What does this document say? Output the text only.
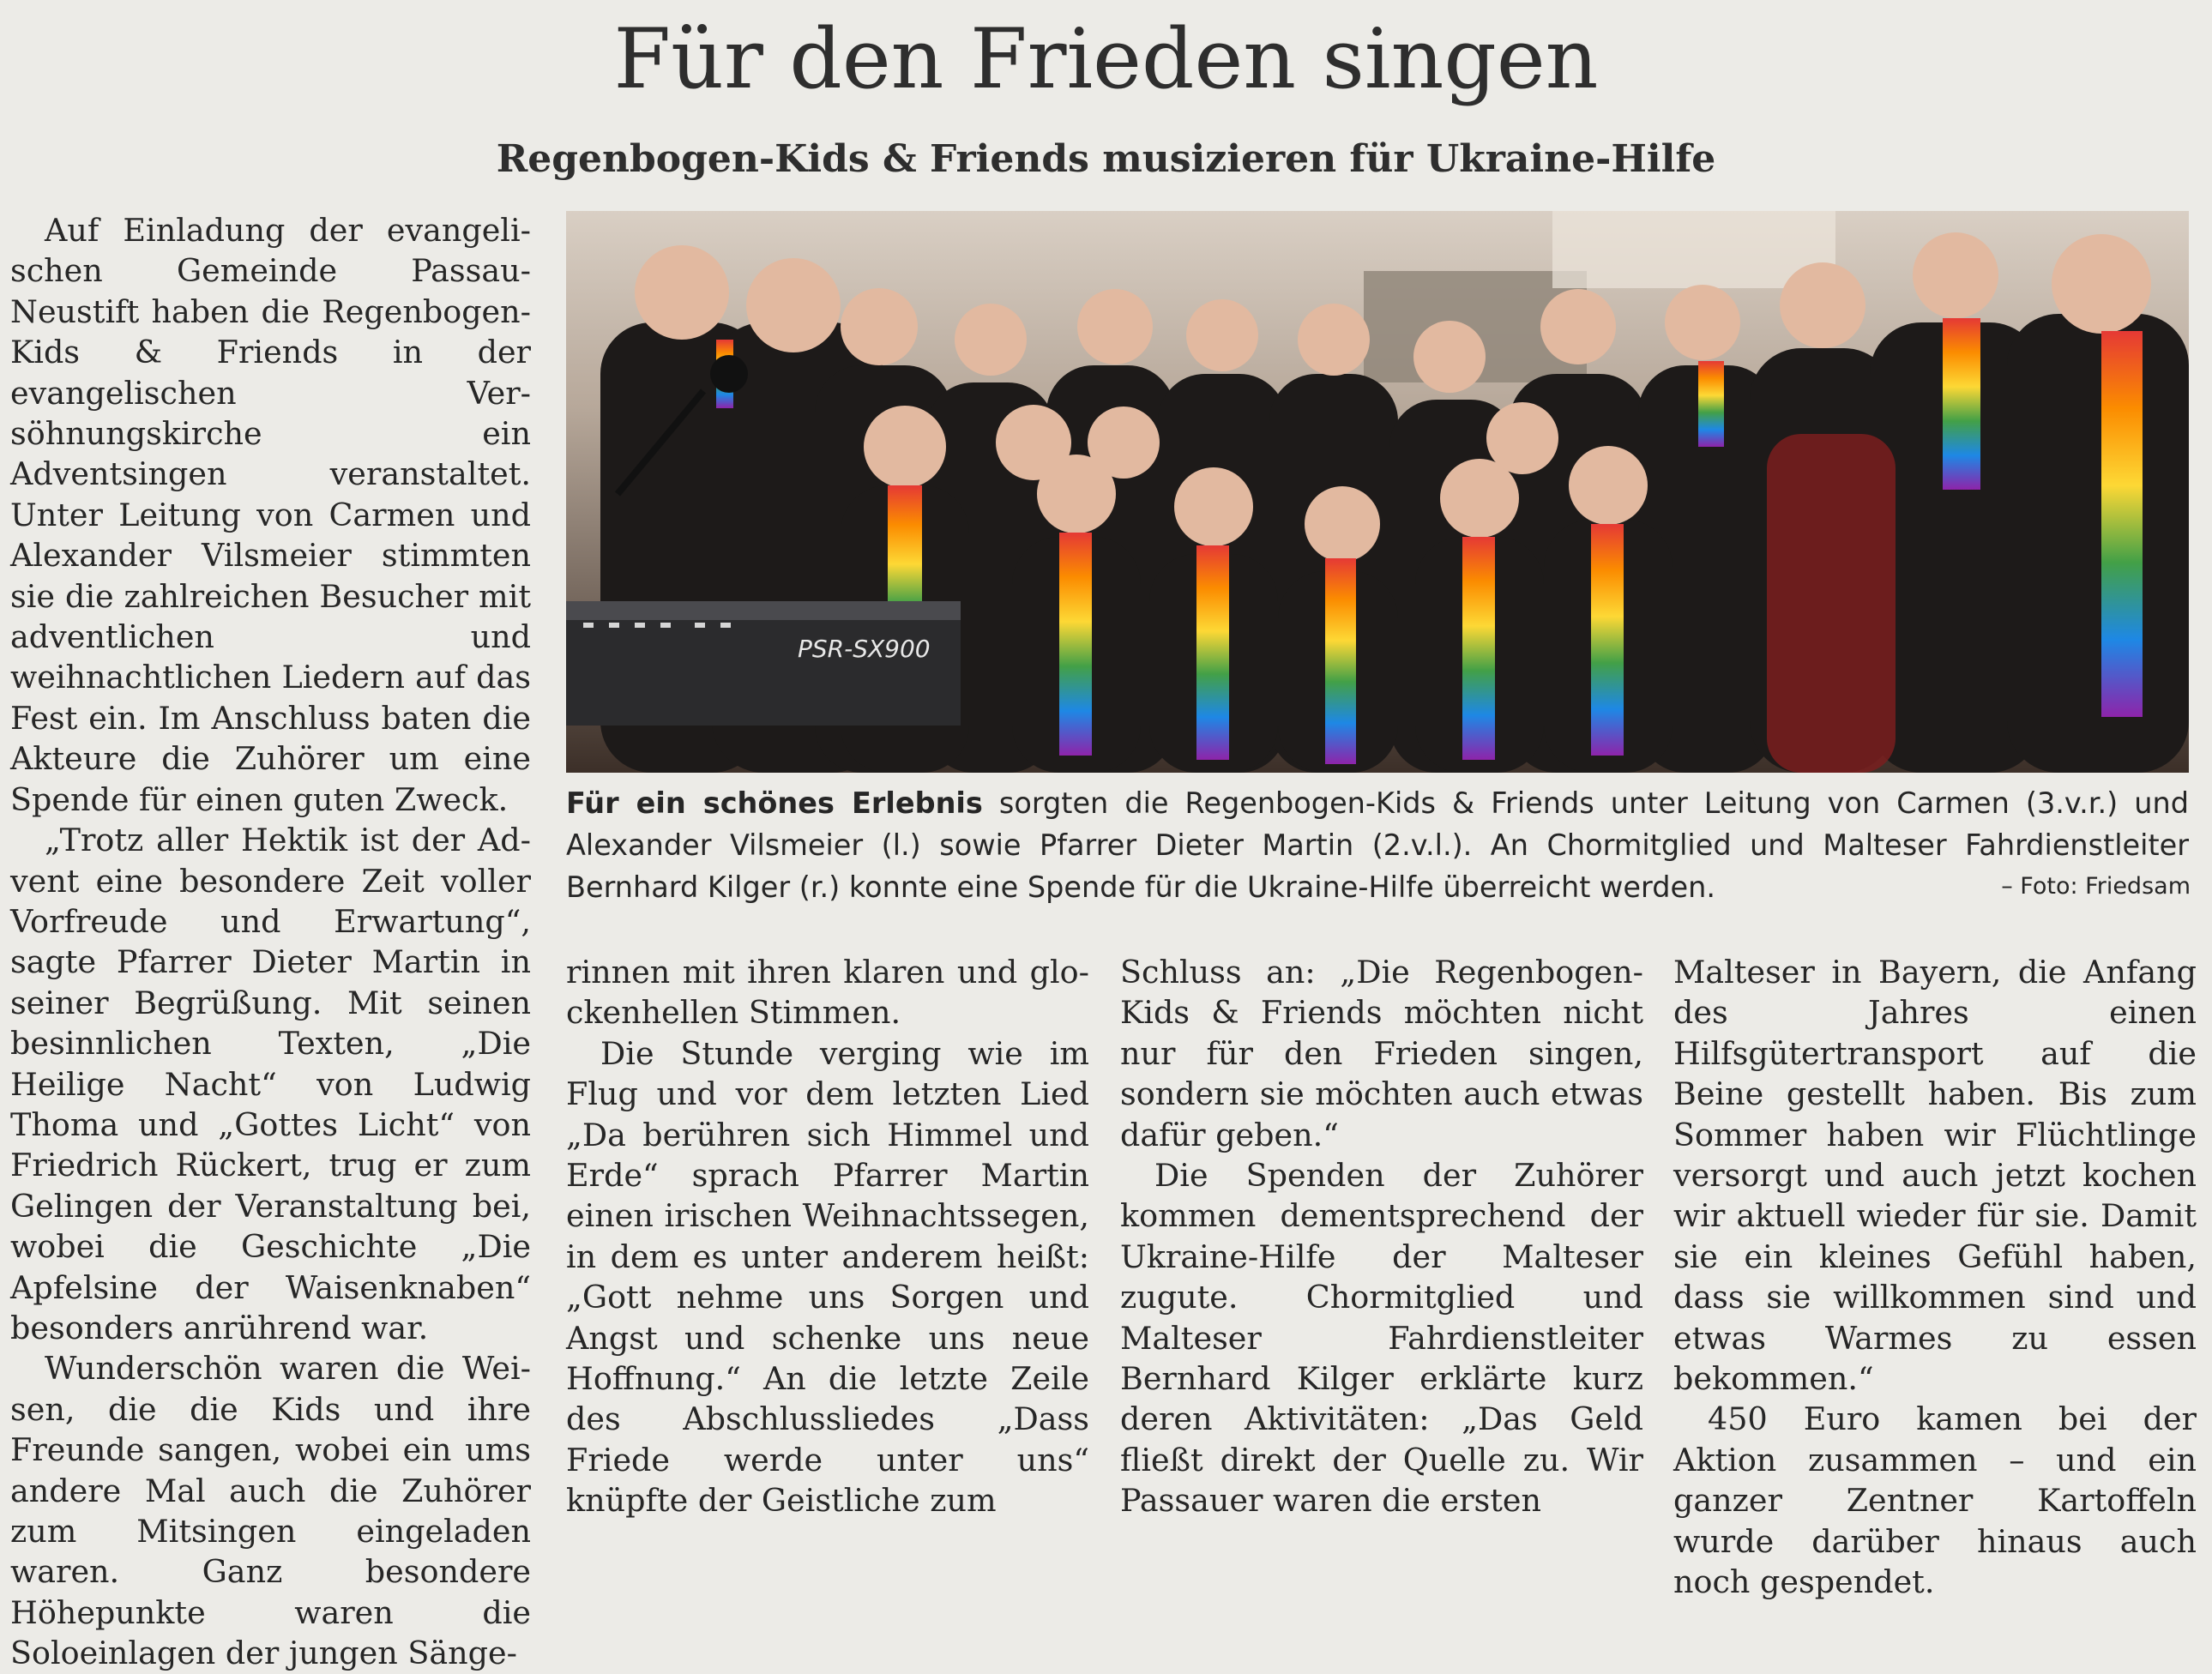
Für den Frieden singen
Regenbogen-Kids & Friends musizieren für Ukraine-Hilfe

Auf Einladung der evangelischen Gemeinde Passau-Neustift haben die Regenbogen-Kids & Friends in der evangelischen Versöhnungskirche ein Adventsingen veranstaltet. Unter Leitung von Carmen und Alexander Vilsmeier stimmten sie die zahlreichen Besucher mit adventlichen und weihnachtlichen Liedern auf das Fest ein. Im Anschluss baten die Akteure die Zuhörer um eine Spende für einen guten Zweck.

„Trotz aller Hektik ist der Advent eine besondere Zeit voller Vorfreude und Erwartung“, sagte Pfarrer Dieter Martin in seiner Begrüßung. Mit seinen besinnlichen Texten, „Die Heilige Nacht“ von Ludwig Thoma und „Gottes Licht“ von Friedrich Rückert, trug er zum Gelingen der Veranstaltung bei, wobei die Geschichte „Die Apfelsine der Waisenknaben“ besonders anrührend war.

Wunderschön waren die Weisen, die die Kids und ihre Freunde sangen, wobei ein ums andere Mal auch die Zuhörer zum Mitsingen eingeladen waren. Ganz besondere Höhepunkte waren die Soloeinlagen der jungen Sänge-

PSR-SX900
Für ein schönes Erlebnis sorgten die Regenbogen-Kids & Friends unter Leitung von Carmen (3.v.r.) und Alexander Vilsmeier (l.) sowie Pfarrer Dieter Martin (2.v.l.). An Chormitglied und Malteser Fahrdienstleiter Bernhard Kilger (r.) konnte eine Spende für die Ukraine-Hilfe überreicht werden.	– Foto: Friedsam

rinnen mit ihren klaren und glockenhellen Stimmen.

Die Stunde verging wie im Flug und vor dem letzten Lied „Da berühren sich Himmel und Erde“ sprach Pfarrer Martin einen irischen Weihnachtssegen, in dem es unter anderem heißt: „Gott nehme uns Sorgen und Angst und schenke uns neue Hoffnung.“ An die letzte Zeile des Abschlussliedes „Dass Friede werde unter uns“ knüpfte der Geistliche zum

Schluss an: „Die Regenbogen-Kids & Friends möchten nicht nur für den Frieden singen, sondern sie möchten auch etwas dafür geben.“

Die Spenden der Zuhörer kommen dementsprechend der Ukraine-Hilfe der Malteser zugute. Chormitglied und Malteser Fahrdienstleiter Bernhard Kilger erklärte kurz deren Aktivitäten: „Das Geld fließt direkt der Quelle zu. Wir Passauer waren die ersten

Malteser in Bayern, die Anfang des Jahres einen Hilfsgütertransport auf die Beine gestellt haben. Bis zum Sommer haben wir Flüchtlinge versorgt und auch jetzt kochen wir aktuell wieder für sie. Damit sie ein kleines Gefühl haben, dass sie willkommen sind und etwas Warmes zu essen bekommen.“

450 Euro kamen bei der Aktion zusammen – und ein ganzer Zentner Kartoffeln wurde darüber hinaus auch noch gespendet.
